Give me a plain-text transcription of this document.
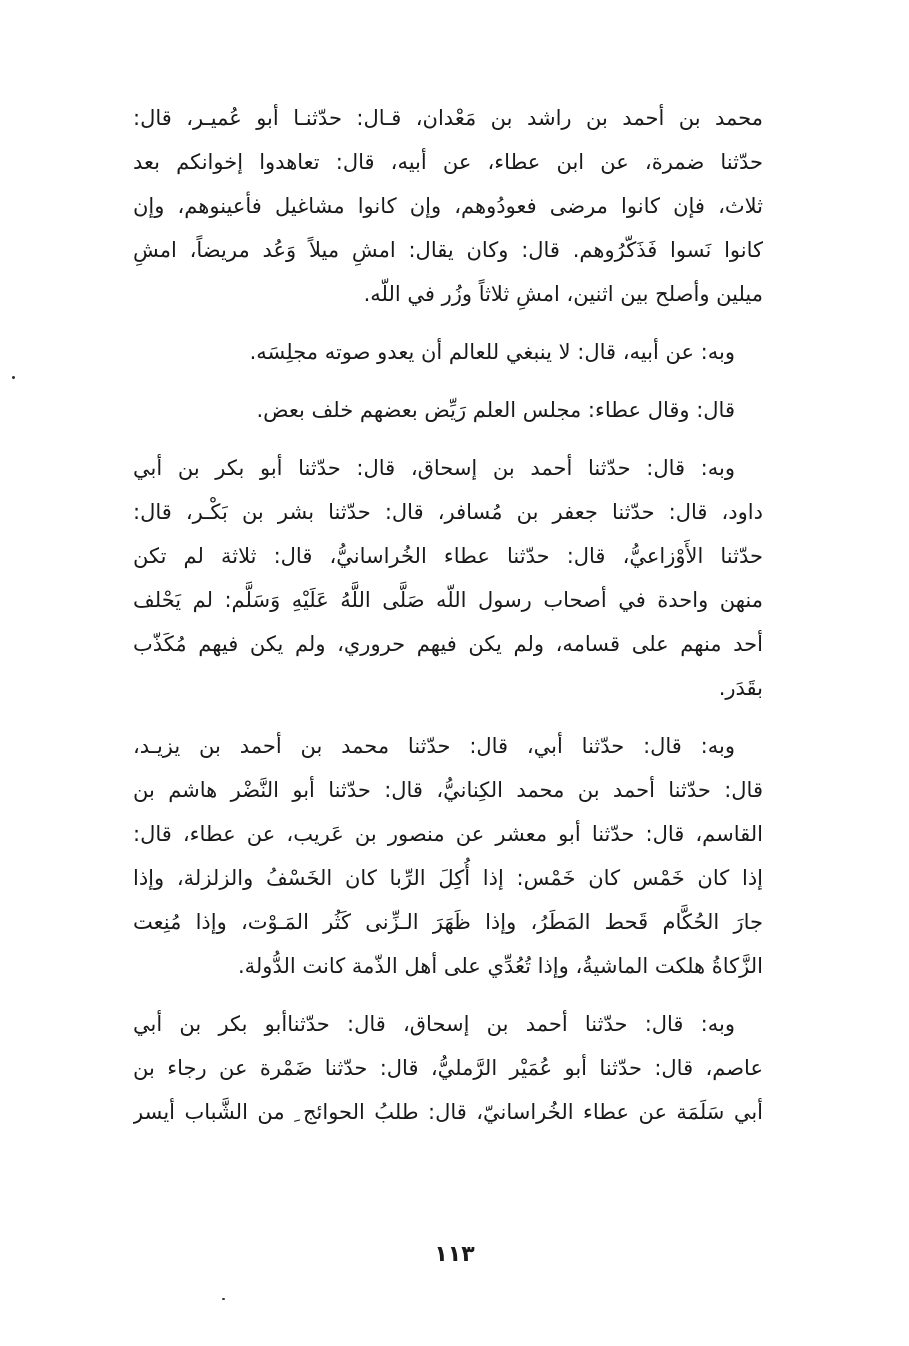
محمد بن أحمد بن راشد بن مَعْدان، قـال: حدّثنـا أبو عُميـر، قال:
حدّثنا ضمرة، عن ابن عطاء، عن أبيه، قال: تعاهدوا إخوانكم بعد
ثلاث، فإن كانوا مرضى فعودُوهم، وإن كانوا مشاغيل فأعينوهم، وإن
كانوا نَسوا فَذَكّرُوهم. قال: وكان يقال: امشِ ميلاً وَعُد مريضاً، امشِ
ميلين وأصلح بين اثنين، امشِ ثلاثاً وزُر في اللّه.
وبه: عن أبيه، قال: لا ينبغي للعالم أن يعدو صوته مجلِسَه.
قال: وقال عطاء: مجلس العلم رَيِّض بعضهم خلف بعض.
وبه: قال: حدّثنا أحمد بن إسحاق، قال: حدّثنا أبو بكر بن أبي
داود، قال: حدّثنا جعفر بن مُسافر، قال: حدّثنا بشر بن بَكْـر، قال:
حدّثنا الأَوْزاعيُّ، قال: حدّثنا عطاء الخُراسانيُّ، قال: ثلاثة لم تكن
منهن واحدة في أصحاب رسول اللّه صَلَّى اللَّهُ عَلَيْهِ وَسَلَّم: لم يَحْلف
أحد منهم على قسامه، ولم يكن فيهم حروري، ولم يكن فيهم مُكَذّب
بقَدَر.
وبه: قال: حدّثنا أبي، قال: حدّثنا محمد بن أحمد بن يزيـد،
قال: حدّثنا أحمد بن محمد الكِنانيُّ، قال: حدّثنا أبو النَّضْر هاشم بن
القاسم، قال: حدّثنا أبو معشر عن منصور بن عَريب، عن عطاء، قال:
إذا كان خَمْس كان خَمْس: إذا أُكِلَ الرِّبا كان الخَسْفُ والزلزلة، وإذا
جارَ الحُكَّام قَحط المَطَرُ، وإذا ظَهَرَ الـزِّنى كَثُر المَـوْت، وإذا مُنِعت
الزَّكاةُ هلكت الماشيةُ، وإذا تُعُدِّي على أهل الذّمة كانت الدُّولة.
وبه: قال: حدّثنا أحمد بن إسحاق، قال: حدّثناأبو بكر بن أبي
عاصم، قال: حدّثنا أبو عُمَيْر الرَّمليُّ، قال: حدّثنا ضَمْرة عن رجاء بن
أبي سَلَمَة عن عطاء الخُراسانيّ، قال: طلبُ الحوائج ِ من الشَّباب أيسر
١١٣
